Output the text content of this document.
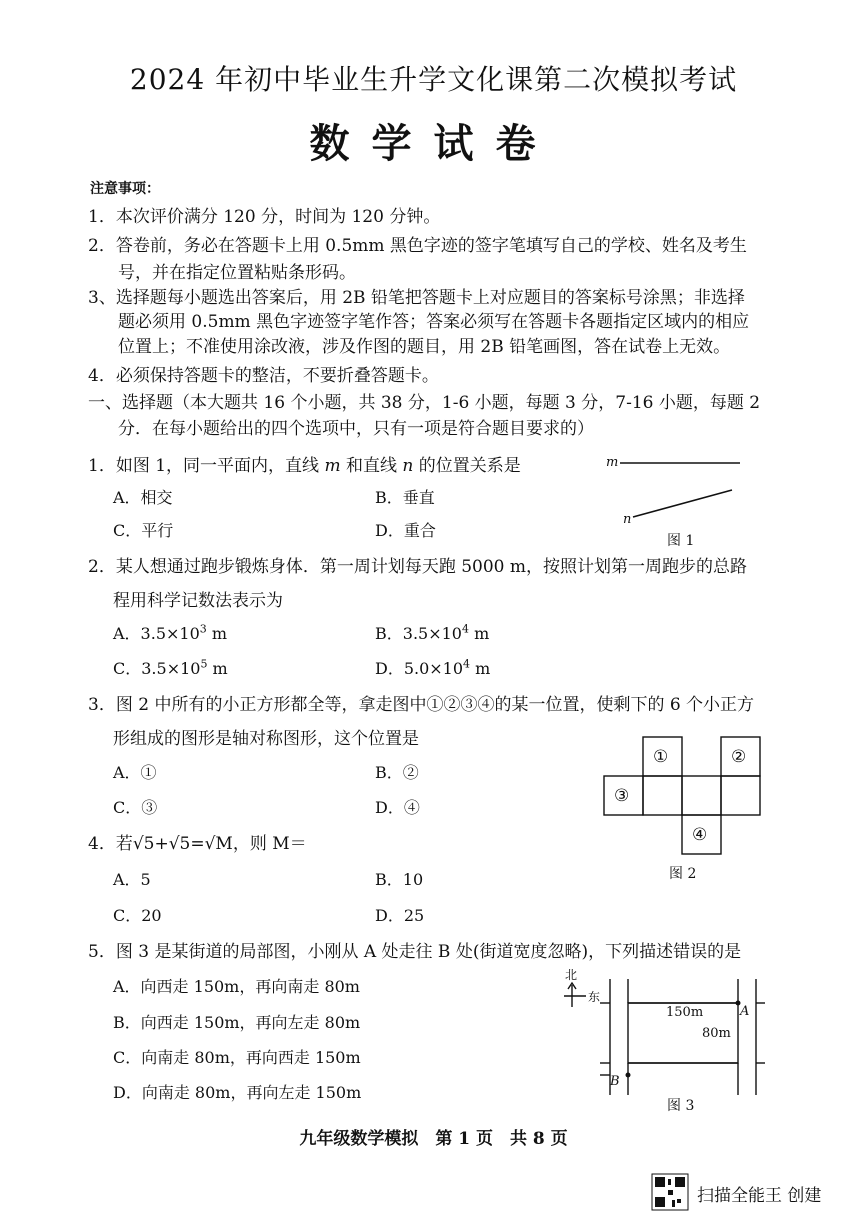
2024 年初中毕业生升学文化课第二次模拟考试
数学试卷
注意事项：
1．本次评价满分 120 分，时间为 120 分钟。
2．答卷前，务必在答题卡上用 0.5mm 黑色字迹的签字笔填写自己的学校、姓名及考生
号，并在指定位置粘贴条形码。
3、选择题每小题选出答案后，用 2B 铅笔把答题卡上对应题目的答案标号涂黑；非选择
题必须用 0.5mm 黑色字迹签字笔作答；答案必须写在答题卡各题指定区域内的相应
位置上；不准使用涂改液，涉及作图的题目，用 2B 铅笔画图，答在试卷上无效。
4．必须保持答题卡的整洁，不要折叠答题卡。
一、选择题（本大题共 16 个小题，共 38 分，1-6 小题，每题 3 分，7-16 小题，每题 2
分．在每小题给出的四个选项中，只有一项是符合题目要求的）
1．如图 1，同一平面内，直线 m 和直线 n 的位置关系是
A．相交	B．垂直
C．平行	D．重合
m
n
图 1
2．某人想通过跑步锻炼身体．第一周计划每天跑 5000 m，按照计划第一周跑步的总路
程用科学记数法表示为
A．$3.5\times 10^3$ m	B．$3.5\times 10^4$ m
C．$3.5\times 10^5$ m	D．$5.0\times 10^4$ m
3．图 2 中所有的小正方形都全等，拿走图中①②③④的某一位置，使剩下的 6 个小正方
形组成的图形是轴对称图形，这个位置是
A．①	B．②
C．③	D．④
①	②
③
④
图 2
4．若√5+√5=√M，则 M＝
A．5	B．10
C．20	D．25
5．图 3 是某街道的局部图，小刚从 A 处走往 B 处(街道宽度忽略)，下列描述错误的是
A．向西走 150m，再向南走 80m
B．向西走 150m，再向左走 80m
C．向南走 80m，再向西走 150m
D．向南走 80m，再向左走 150m
北
东
150m
80m
A
B
图 3
九年级数学模拟　第 1 页　共 8 页
扫描全能王 创建
